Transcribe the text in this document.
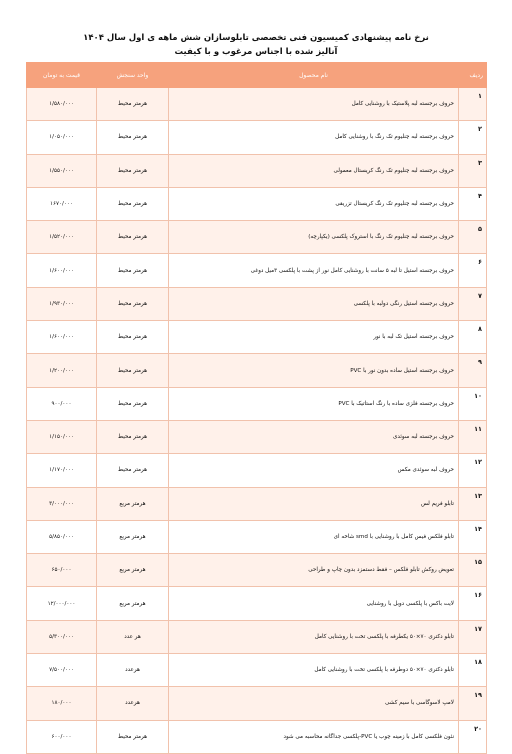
نرخ نامه پیشنهادی کمیسیون فنی تخصصی تابلوسازان شش ماهه ی اول سال ۱۴۰۴
آنالیز شده با اجناس مرغوب و با کیفیت
ردیف	نام محصول	واحد سنجش	قیمت به تومان
۱	حروف برجسته لبه پلاستیک با روشنایی کامل	هرمتر محیط	۱/۵۸۰/۰۰۰
۲	حروف برجسته لبه چنلیوم تک رنگ با روشنایی کامل	هرمتر محیط	۱/۰۵۰/۰۰۰
۳	حروف برجسته لبه چنلیوم تک رنگ کریستال معمولی	هرمتر محیط	۱/۵۵۰/۰۰۰
۴	حروف برجسته لبه چنلیوم تک رنگ کریستال تزریقی	هرمتر محیط	۱۶۷۰/۰۰۰
۵	حروف برجسته لبه چنلیوم تک رنگ با استروک پلکسی (یکپارچه)	هرمتر محیط	۱/۵۲۰/۰۰۰
۶	حروف برجسته استیل تا لبه ۵ سانت با روشنایی کامل نور از پشت با پلکسی ۳میل دوغی	هرمتر محیط	۱/۶۰۰/۰۰۰
۷	حروف برجسته استیل رنگی دولبه با پلکسی	هرمتر محیط	۱/۹۳۰/۰۰۰
۸	حروف برجسته استیل تک لبه با نور	هرمتر محیط	۱/۶۰۰/۰۰۰
۹	حروف برجسته استیل ساده بدون نور با PVC	هرمتر محیط	۱/۲۰۰/۰۰۰
۱۰	حروف برجسته فلزی ساده با رنگ استاتیک با PVC	هرمتر محیط	۹۰۰/۰۰۰
۱۱	حروف برجسته لبه سوئدی	هرمتر محیط	۱/۱۵۰/۰۰۰
۱۲	حروف لبه سوئدی مکس	هرمتر محیط	۱/۱۷۰/۰۰۰
۱۳	تابلو فریم لس	هرمتر مربع	۳/۰۰۰/۰۰۰
۱۴	تابلو فلکس فیس کامل با روشنایی با smd شاخه ای	هرمتر مربع	۵/۸۵۰/۰۰۰
۱۵	تعویض روکش تابلو فلکس – فقط دستمزد بدون چاپ و طراحی	هرمتر مربع	۶۵۰/۰۰۰
۱۶	لایت باکس با پلکسی دوبل با روشنایی	هرمتر مربع	۱۲/۰۰۰/۰۰۰
۱۷	تابلو دکتری ۷۰×۵۰ یکطرفه با پلکسی تخت با روشنایی کامل	هر عدد	۵/۳۰۰/۰۰۰
۱۸	تابلو دکتری ۷۰×۵۰ دوطرفه با پلکسی تخت با روشنایی کامل	هرعدد	۷/۵۰۰/۰۰۰
۱۹	لامپ لاسوگاسی با سیم کشی	هرعدد	۱۸۰/۰۰۰
۲۰	نئون فلکسی کامل با زمینه چوب یا PVC-پلکسی جداگانه محاسبه می شود	هرمتر محیط	۶۰۰/۰۰۰
